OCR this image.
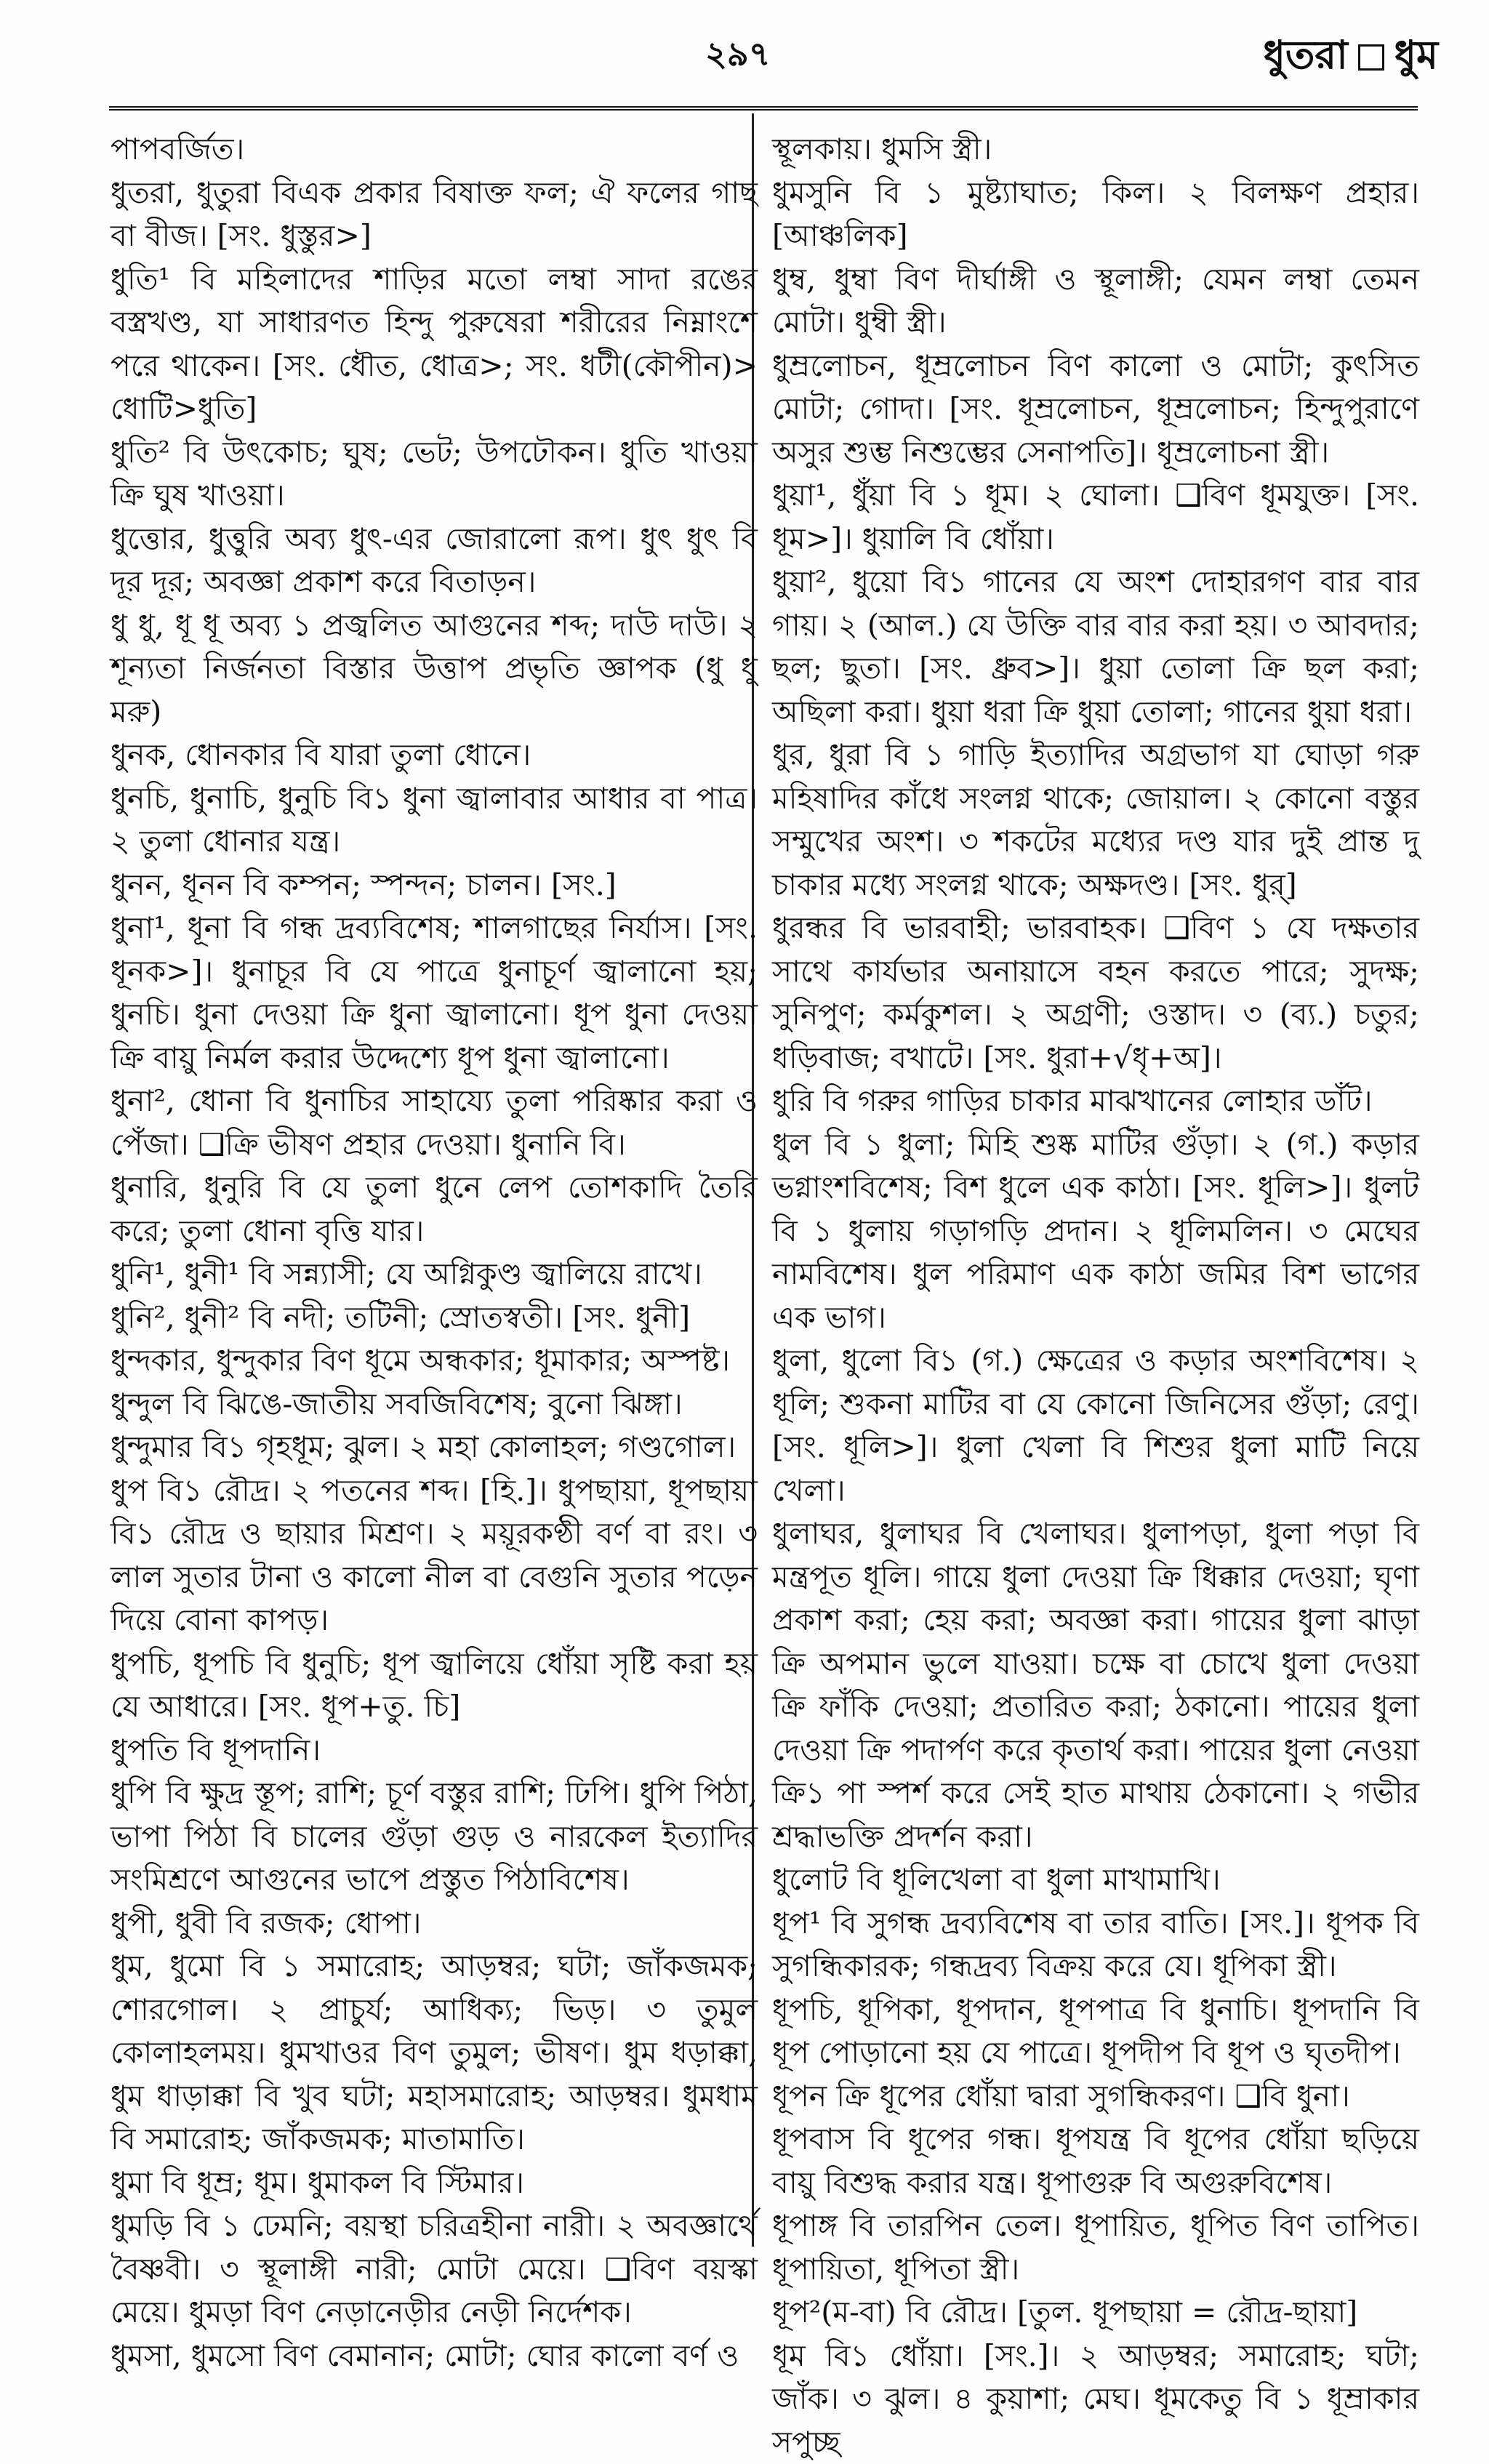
২৯৭	ধুতরা ধুম

পাপবর্জিত।

ধুতরা, ধুতুরা বিএক প্রকার বিষাক্ত ফল; ঐ ফলের গাছ বা বীজ। [সং. ধুস্তুর>]

ধুতি¹ বি মহিলাদের শাড়ির মতো লম্বা সাদা রঙের বস্ত্রখণ্ড, যা সাধারণত হিন্দু পুরুষেরা শরীরের নিম্নাংশে পরে থাকেন। [সং. ধৌত, ধোত্র>; সং. ধটী(কৌপীন)> ধোটি>ধুতি]

ধুতি² বি উৎকোচ; ঘুষ; ভেট; উপঢৌকন। ধুতি খাওয়া ক্রি ঘুষ খাওয়া।

ধুত্তোর, ধুত্তুরি অব্য ধুৎ-এর জোরালো রূপ। ধুৎ ধুৎ বি দূর দূর; অবজ্ঞা প্রকাশ করে বিতাড়ন।

ধু ধু, ধূ ধূ অব্য ১ প্রজ্বলিত আগুনের শব্দ; দাউ দাউ। ২ শূন্যতা নির্জনতা বিস্তার উত্তাপ প্রভৃতি জ্ঞাপক (ধু ধু মরু)

ধুনক, ধোনকার বি যারা তুলা ধোনে।

ধুনচি, ধুনাচি, ধুনুচি বি১ ধুনা জ্বালাবার আধার বা পাত্র। ২ তুলা ধোনার যন্ত্র।

ধুনন, ধূনন বি কম্পন; স্পন্দন; চালন। [সং.]

ধুনা¹, ধূনা বি গন্ধ দ্রব্যবিশেষ; শালগাছের নির্যাস। [সং. ধূনক>]। ধুনাচূর বি যে পাত্রে ধুনাচূর্ণ জ্বালানো হয়; ধুনচি। ধুনা দেওয়া ক্রি ধুনা জ্বালানো। ধূপ ধুনা দেওয়া ক্রি বায়ু নির্মল করার উদ্দেশ্যে ধূপ ধুনা জ্বালানো।

ধুনা², ধোনা বি ধুনাচির সাহায্যে তুলা পরিষ্কার করা ও পেঁজা। ❑ক্রি ভীষণ প্রহার দেওয়া। ধুনানি বি।

ধুনারি, ধুনুরি বি যে তুলা ধুনে লেপ তোশকাদি তৈরি করে; তুলা ধোনা বৃত্তি যার।

ধুনি¹, ধুনী¹ বি সন্ন্যাসী; যে অগ্নিকুণ্ড জ্বালিয়ে রাখে।

ধুনি², ধুনী² বি নদী; তটিনী; স্রোতস্বতী। [সং. ধুনী]

ধুন্দকার, ধুন্দুকার বিণ ধূমে অন্ধকার; ধূমাকার; অস্পষ্ট।

ধুন্দুল বি ঝিঙে-জাতীয় সবজিবিশেষ; বুনো ঝিঙ্গা।

ধুন্দুমার বি১ গৃহধূম; ঝুল। ২ মহা কোলাহল; গণ্ডগোল।

ধুপ বি১ রৌদ্র। ২ পতনের শব্দ। [হি.]। ধুপছায়া, ধূপছায়া বি১ রৌদ্র ও ছায়ার মিশ্রণ। ২ ময়ূরকণ্ঠী বর্ণ বা রং। ৩ লাল সুতার টানা ও কালো নীল বা বেগুনি সুতার পড়েন দিয়ে বোনা কাপড়।

ধুপচি, ধূপচি বি ধুনুচি; ধূপ জ্বালিয়ে ধোঁয়া সৃষ্টি করা হয় যে আধারে। [সং. ধূপ+তু. চি]

ধুপতি বি ধূপদানি।

ধুপি বি ক্ষুদ্র স্তূপ; রাশি; চূর্ণ বস্তুর রাশি; ঢিপি। ধুপি পিঠা, ভাপা পিঠা বি চালের গুঁড়া গুড় ও নারকেল ইত্যাদির সংমিশ্রণে আগুনের ভাপে প্রস্তুত পিঠাবিশেষ।

ধুপী, ধুবী বি রজক; ধোপা।

ধুম, ধুমো বি ১ সমারোহ; আড়ম্বর; ঘটা; জাঁকজমক; শোরগোল। ২ প্রাচুর্য; আধিক্য; ভিড়। ৩ তুমুল কোলাহলময়। ধুমখাওর বিণ তুমুল; ভীষণ। ধুম ধড়াক্কা, ধুম ধাড়াক্কা বি খুব ঘটা; মহাসমারোহ; আড়ম্বর। ধুমধাম বি সমারোহ; জাঁকজমক; মাতামাতি।

ধুমা বি ধূম্র; ধূম। ধুমাকল বি স্টিমার।

ধুমড়ি বি ১ ঢেমনি; বয়স্থা চরিত্রহীনা নারী। ২ অবজ্ঞার্থে বৈষ্ণবী। ৩ স্থূলাঙ্গী নারী; মোটা মেয়ে। ❑বিণ বয়স্কা মেয়ে। ধুমড়া বিণ নেড়ানেড়ীর নেড়ী নির্দেশক।

ধুমসা, ধুমসো বিণ বেমানান; মোটা; ঘোর কালো বর্ণ ও

স্থূলকায়। ধুমসি স্ত্রী।

ধুমসুনি বি ১ মুষ্ট্যাঘাত; কিল। ২ বিলক্ষণ প্রহার। [আঞ্চলিক]

ধুম্ব, ধুম্বা বিণ দীর্ঘাঙ্গী ও স্থূলাঙ্গী; যেমন লম্বা তেমন মোটা। ধুম্বী স্ত্রী।

ধুম্রলোচন, ধূম্রলোচন বিণ কালো ও মোটা; কুৎসিত মোটা; গোদা। [সং. ধূম্রলোচন, ধূম্রলোচন; হিন্দুপুরাণে অসুর শুম্ভ নিশুম্ভের সেনাপতি]। ধূম্রলোচনা স্ত্রী।

ধুয়া¹, ধুঁয়া বি ১ ধূম। ২ ঘোলা। ❑বিণ ধূমযুক্ত। [সং. ধূম>]। ধুয়ালি বি ধোঁয়া।

ধুয়া², ধুয়ো বি১ গানের যে অংশ দোহারগণ বার বার গায়। ২ (আল.) যে উক্তি বার বার করা হয়। ৩ আবদার; ছল; ছুতা। [সং. ধ্রুব>]। ধুয়া তোলা ক্রি ছল করা; অছিলা করা। ধুয়া ধরা ক্রি ধুয়া তোলা; গানের ধুয়া ধরা।

ধুর, ধুরা বি ১ গাড়ি ইত্যাদির অগ্রভাগ যা ঘোড়া গরু মহিষাদির কাঁধে সংলগ্ন থাকে; জোয়াল। ২ কোনো বস্তুর সম্মুখের অংশ। ৩ শকটের মধ্যের দণ্ড যার দুই প্রান্ত দু চাকার মধ্যে সংলগ্ন থাকে; অক্ষদণ্ড। [সং. ধুর্]

ধুরন্ধর বি ভারবাহী; ভারবাহক। ❑বিণ ১ যে দক্ষতার সাথে কার্যভার অনায়াসে বহন করতে পারে; সুদক্ষ; সুনিপুণ; কর্মকুশল। ২ অগ্রণী; ওস্তাদ। ৩ (ব্য.) চতুর; ধড়িবাজ; বখাটে। [সং. ধুরা+√ধৃ+অ]।

ধুরি বি গরুর গাড়ির চাকার মাঝখানের লোহার ডাঁট।

ধুল বি ১ ধুলা; মিহি শুষ্ক মাটির গুঁড়া। ২ (গ.) কড়ার ভগ্নাংশবিশেষ; বিশ ধুলে এক কাঠা। [সং. ধূলি>]। ধুলট বি ১ ধুলায় গড়াগড়ি প্রদান। ২ ধূলিমলিন। ৩ মেঘের নামবিশেষ। ধুল পরিমাণ এক কাঠা জমির বিশ ভাগের এক ভাগ।

ধুলা, ধুলো বি১ (গ.) ক্ষেত্রের ও কড়ার অংশবিশেষ। ২ ধূলি; শুকনা মাটির বা যে কোনো জিনিসের গুঁড়া; রেণু। [সং. ধূলি>]। ধুলা খেলা বি শিশুর ধুলা মাটি নিয়ে খেলা।

ধুলাঘর, ধুলাঘর বি খেলাঘর। ধুলাপড়া, ধুলা পড়া বি মন্ত্রপূত ধূলি। গায়ে ধুলা দেওয়া ক্রি ধিক্কার দেওয়া; ঘৃণা প্রকাশ করা; হেয় করা; অবজ্ঞা করা। গায়ের ধুলা ঝাড়া ক্রি অপমান ভুলে যাওয়া। চক্ষে বা চোখে ধুলা দেওয়া ক্রি ফাঁকি দেওয়া; প্রতারিত করা; ঠকানো। পায়ের ধুলা দেওয়া ক্রি পদার্পণ করে কৃতার্থ করা। পায়ের ধুলা নেওয়া ক্রি১ পা স্পর্শ করে সেই হাত মাথায় ঠেকানো। ২ গভীর শ্রদ্ধাভক্তি প্রদর্শন করা।

ধুলোট বি ধূলিখেলা বা ধুলা মাখামাখি।

ধূপ¹ বি সুগন্ধ দ্রব্যবিশেষ বা তার বাতি। [সং.]। ধূপক বি সুগন্ধিকারক; গন্ধদ্রব্য বিক্রয় করে যে। ধূপিকা স্ত্রী।

ধূপচি, ধূপিকা, ধূপদান, ধূপপাত্র বি ধুনাচি। ধূপদানি বি ধূপ পোড়ানো হয় যে পাত্রে। ধূপদীপ বি ধূপ ও ঘৃতদীপ।

ধূপন ক্রি ধূপের ধোঁয়া দ্বারা সুগন্ধিকরণ। ❑বি ধুনা।

ধূপবাস বি ধূপের গন্ধ। ধূপযন্ত্র বি ধূপের ধোঁয়া ছড়িয়ে বায়ু বিশুদ্ধ করার যন্ত্র। ধূপাগুরু বি অগুরুবিশেষ।

ধূপাঙ্গ বি তারপিন তেল। ধূপায়িত, ধূপিত বিণ তাপিত। ধূপায়িতা, ধূপিতা স্ত্রী।

ধূপ²(ম-বা) বি রৌদ্র। [তুল. ধূপছায়া = রৌদ্র-ছায়া]

ধূম বি১ ধোঁয়া। [সং.]। ২ আড়ম্বর; সমারোহ; ঘটা; জাঁক। ৩ ঝুল। ৪ কুয়াশা; মেঘ। ধূমকেতু বি ১ ধূম্রাকার সপুচ্ছ
